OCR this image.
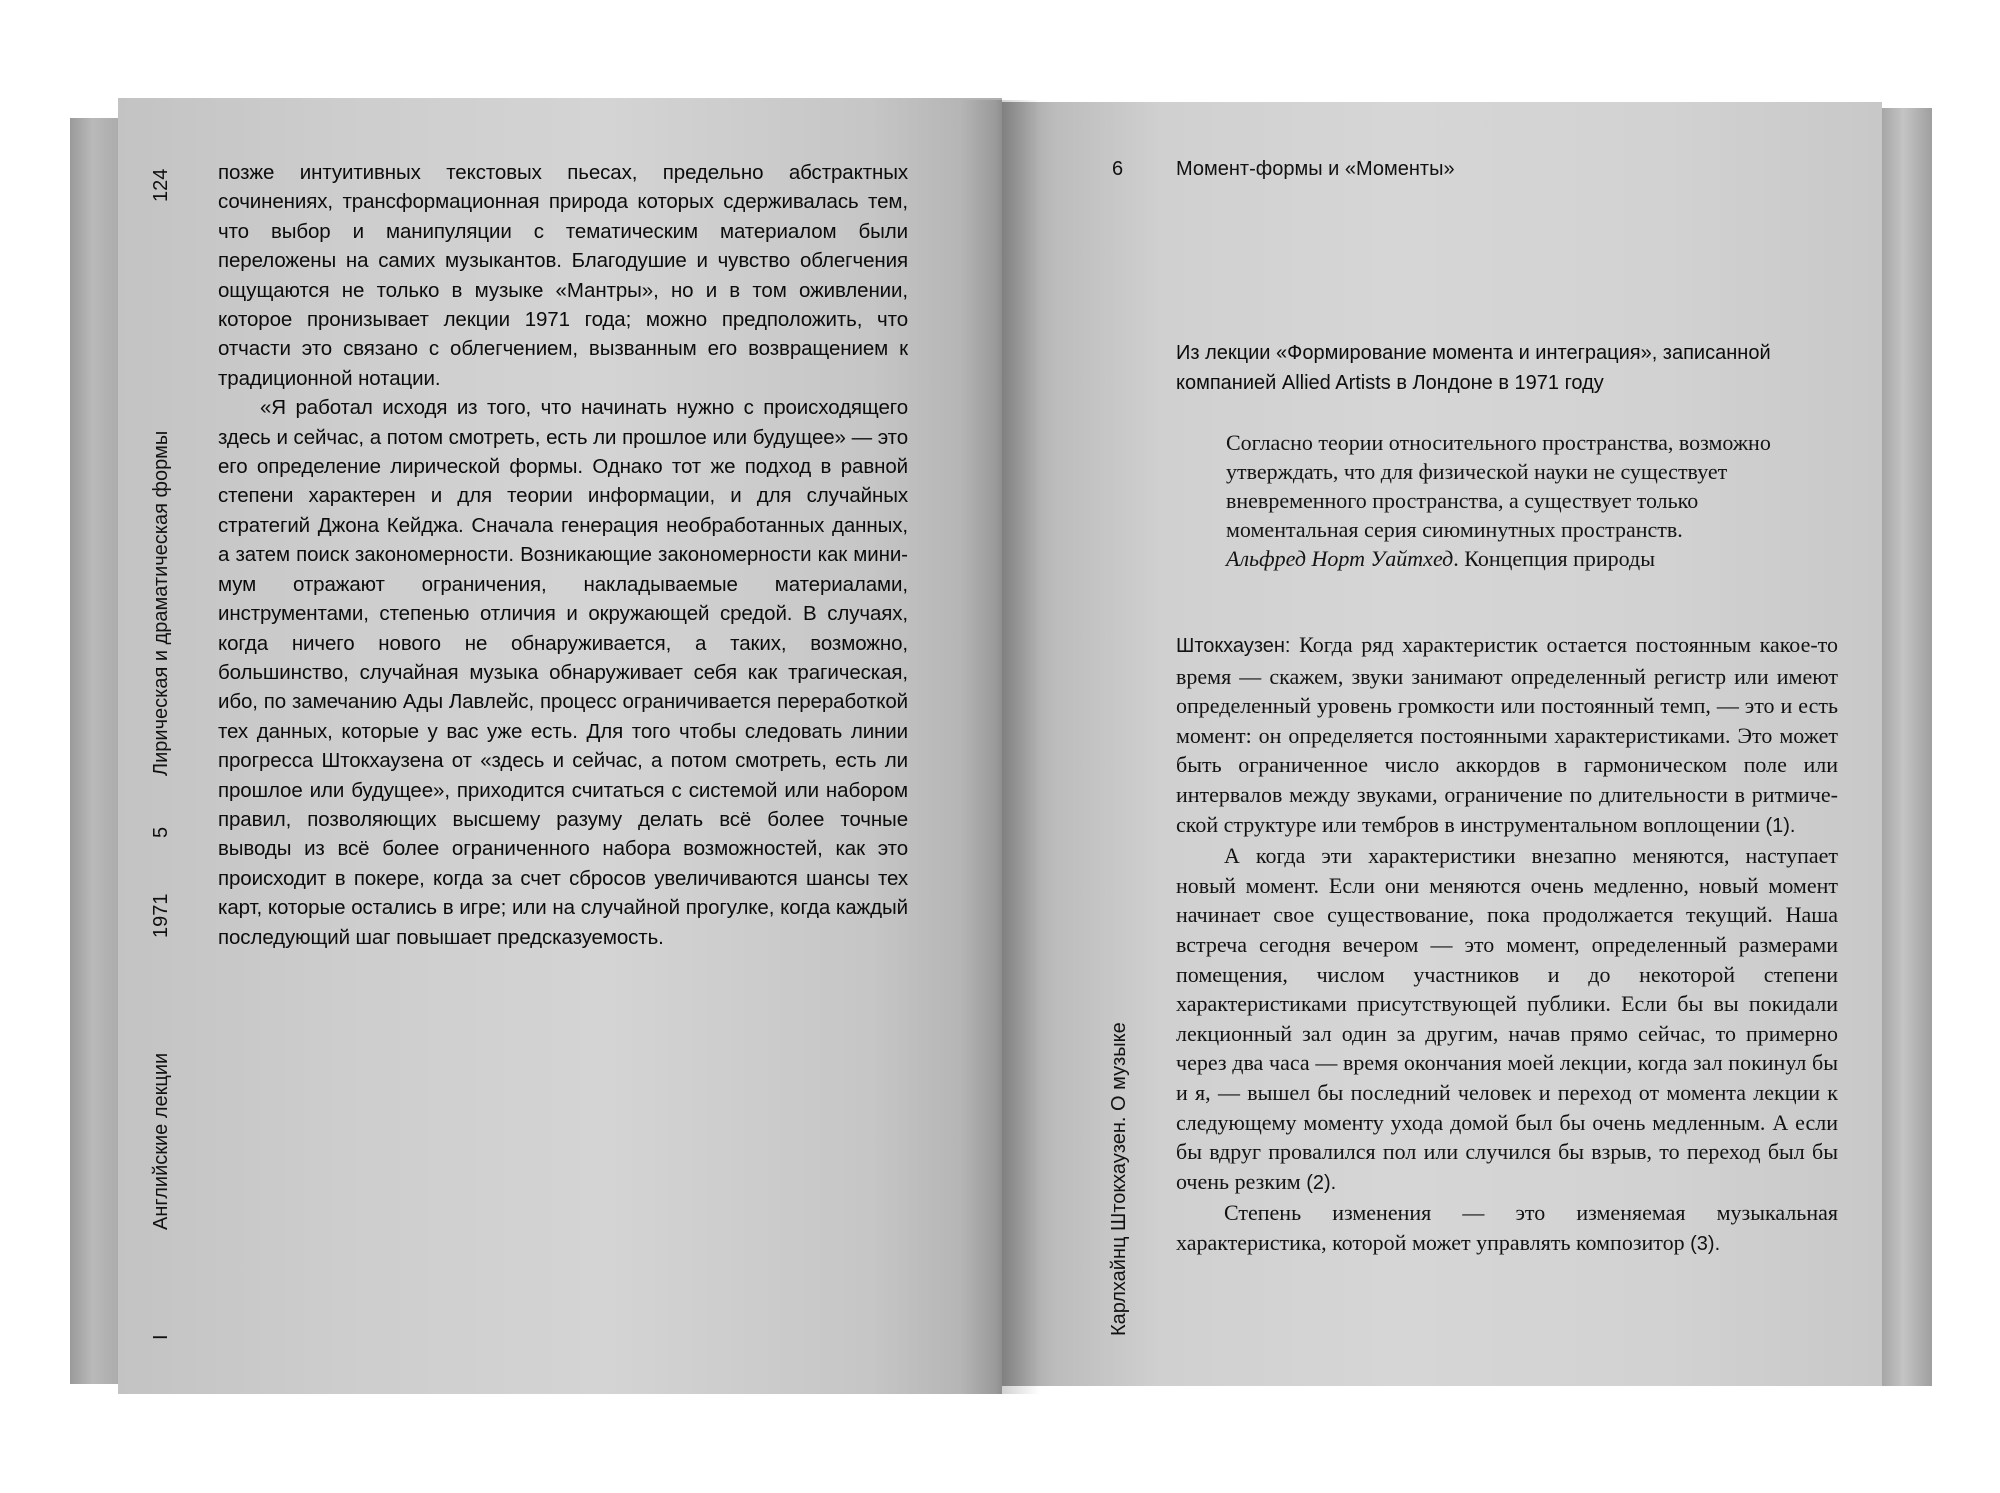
I
Английские лекции
1971
5
Лирическая и драматическая формы
124 позже интуитивных текстовых пьесах, предельно абстрактных сочинениях, трансформационная природа которых сдерживалась тем, что выбор и манипуляции с тематическим материалом были переложены на самих музыкантов. Благодушие и чувство облегчения ощущаются не только в музыке «Мантры», но и в том оживлении, которое пронизывает лекции 1971 года; можно предположить, что отчасти это связано с облегчением, вызванным его возвращением к традиционной нотации.

«Я работал исходя из того, что начинать нужно с происходящего здесь и сейчас, а потом смотреть, есть ли прошлое или будущее» — это его определение лирической формы. Однако тот же подход в равной степени характерен и для теории информации, и для случайных стратегий Джона Кейджа. Сначала генерация необработанных данных, а затем поиск закономерности. Возникающие закономерности как минимум отражают ограничения, накладываемые материалами, инструментами, степенью отличия и окружающей средой. В случаях, когда ничего нового не обнаруживается, а таких, возможно, большинство, случайная музыка обнаруживает себя как трагическая, ибо, по замечанию Ады Лавлейс, процесс ограничивается переработкой тех данных, которые у вас уже есть. Для того чтобы следовать линии прогресса Штокхаузена от «здесь и сейчас, а потом смотреть, есть ли прошлое или будущее», приходится считаться с системой или набором правил, позволяющих высшему разуму делать всё более точные выводы из всё более ограниченного набора возможностей, как это происходит в покере, когда за счет сбросов увеличиваются шансы тех карт, которые остались в игре; или на случайной прогулке, когда каждый последующий шаг повышает предсказуемость.

Карлхайнц Штокхаузен. О музыке
6	Момент-формы и «Моменты»
Из лекции «Формирование момента и интеграция», записанной компанией Allied Artists в Лондоне в 1971 году

Согласно теории относительного пространства, возможно утверждать, что для физической науки не существует вневременного пространства, а существует только моментальная серия сиюминутных пространств.

Альфред Норт Уайтхед. Концепция природы

Штокхаузен: Когда ряд характеристик остается постоянным какое-то время — скажем, звуки занимают определенный регистр или имеют определенный уровень громкости или постоянный темп, — это и есть момент: он определяется постоянными характеристиками. Это может быть ограниченное число аккордов в гармоническом поле или интервалов между звуками, ограничение по длительности в ритмической структуре или тембров в инструментальном воплощении (1).

А когда эти характеристики внезапно меняются, наступает новый момент. Если они меняются очень медленно, новый момент начинает свое существование, пока продолжается текущий. Наша встреча сегодня вечером — это момент, определенный размерами помещения, числом участников и до некоторой степени характеристиками присутствующей публики. Если бы вы покидали лекционный зал один за другим, начав прямо сейчас, то примерно через два часа — время окончания моей лекции, когда зал покинул бы и я, — вышел бы последний человек и переход от момента лекции к следующему моменту ухода домой был бы очень медленным. А если бы вдруг провалился пол или случился бы взрыв, то переход был бы очень резким (2).

Степень изменения — это изменяемая музыкальная характеристика, которой может управлять композитор (3).
